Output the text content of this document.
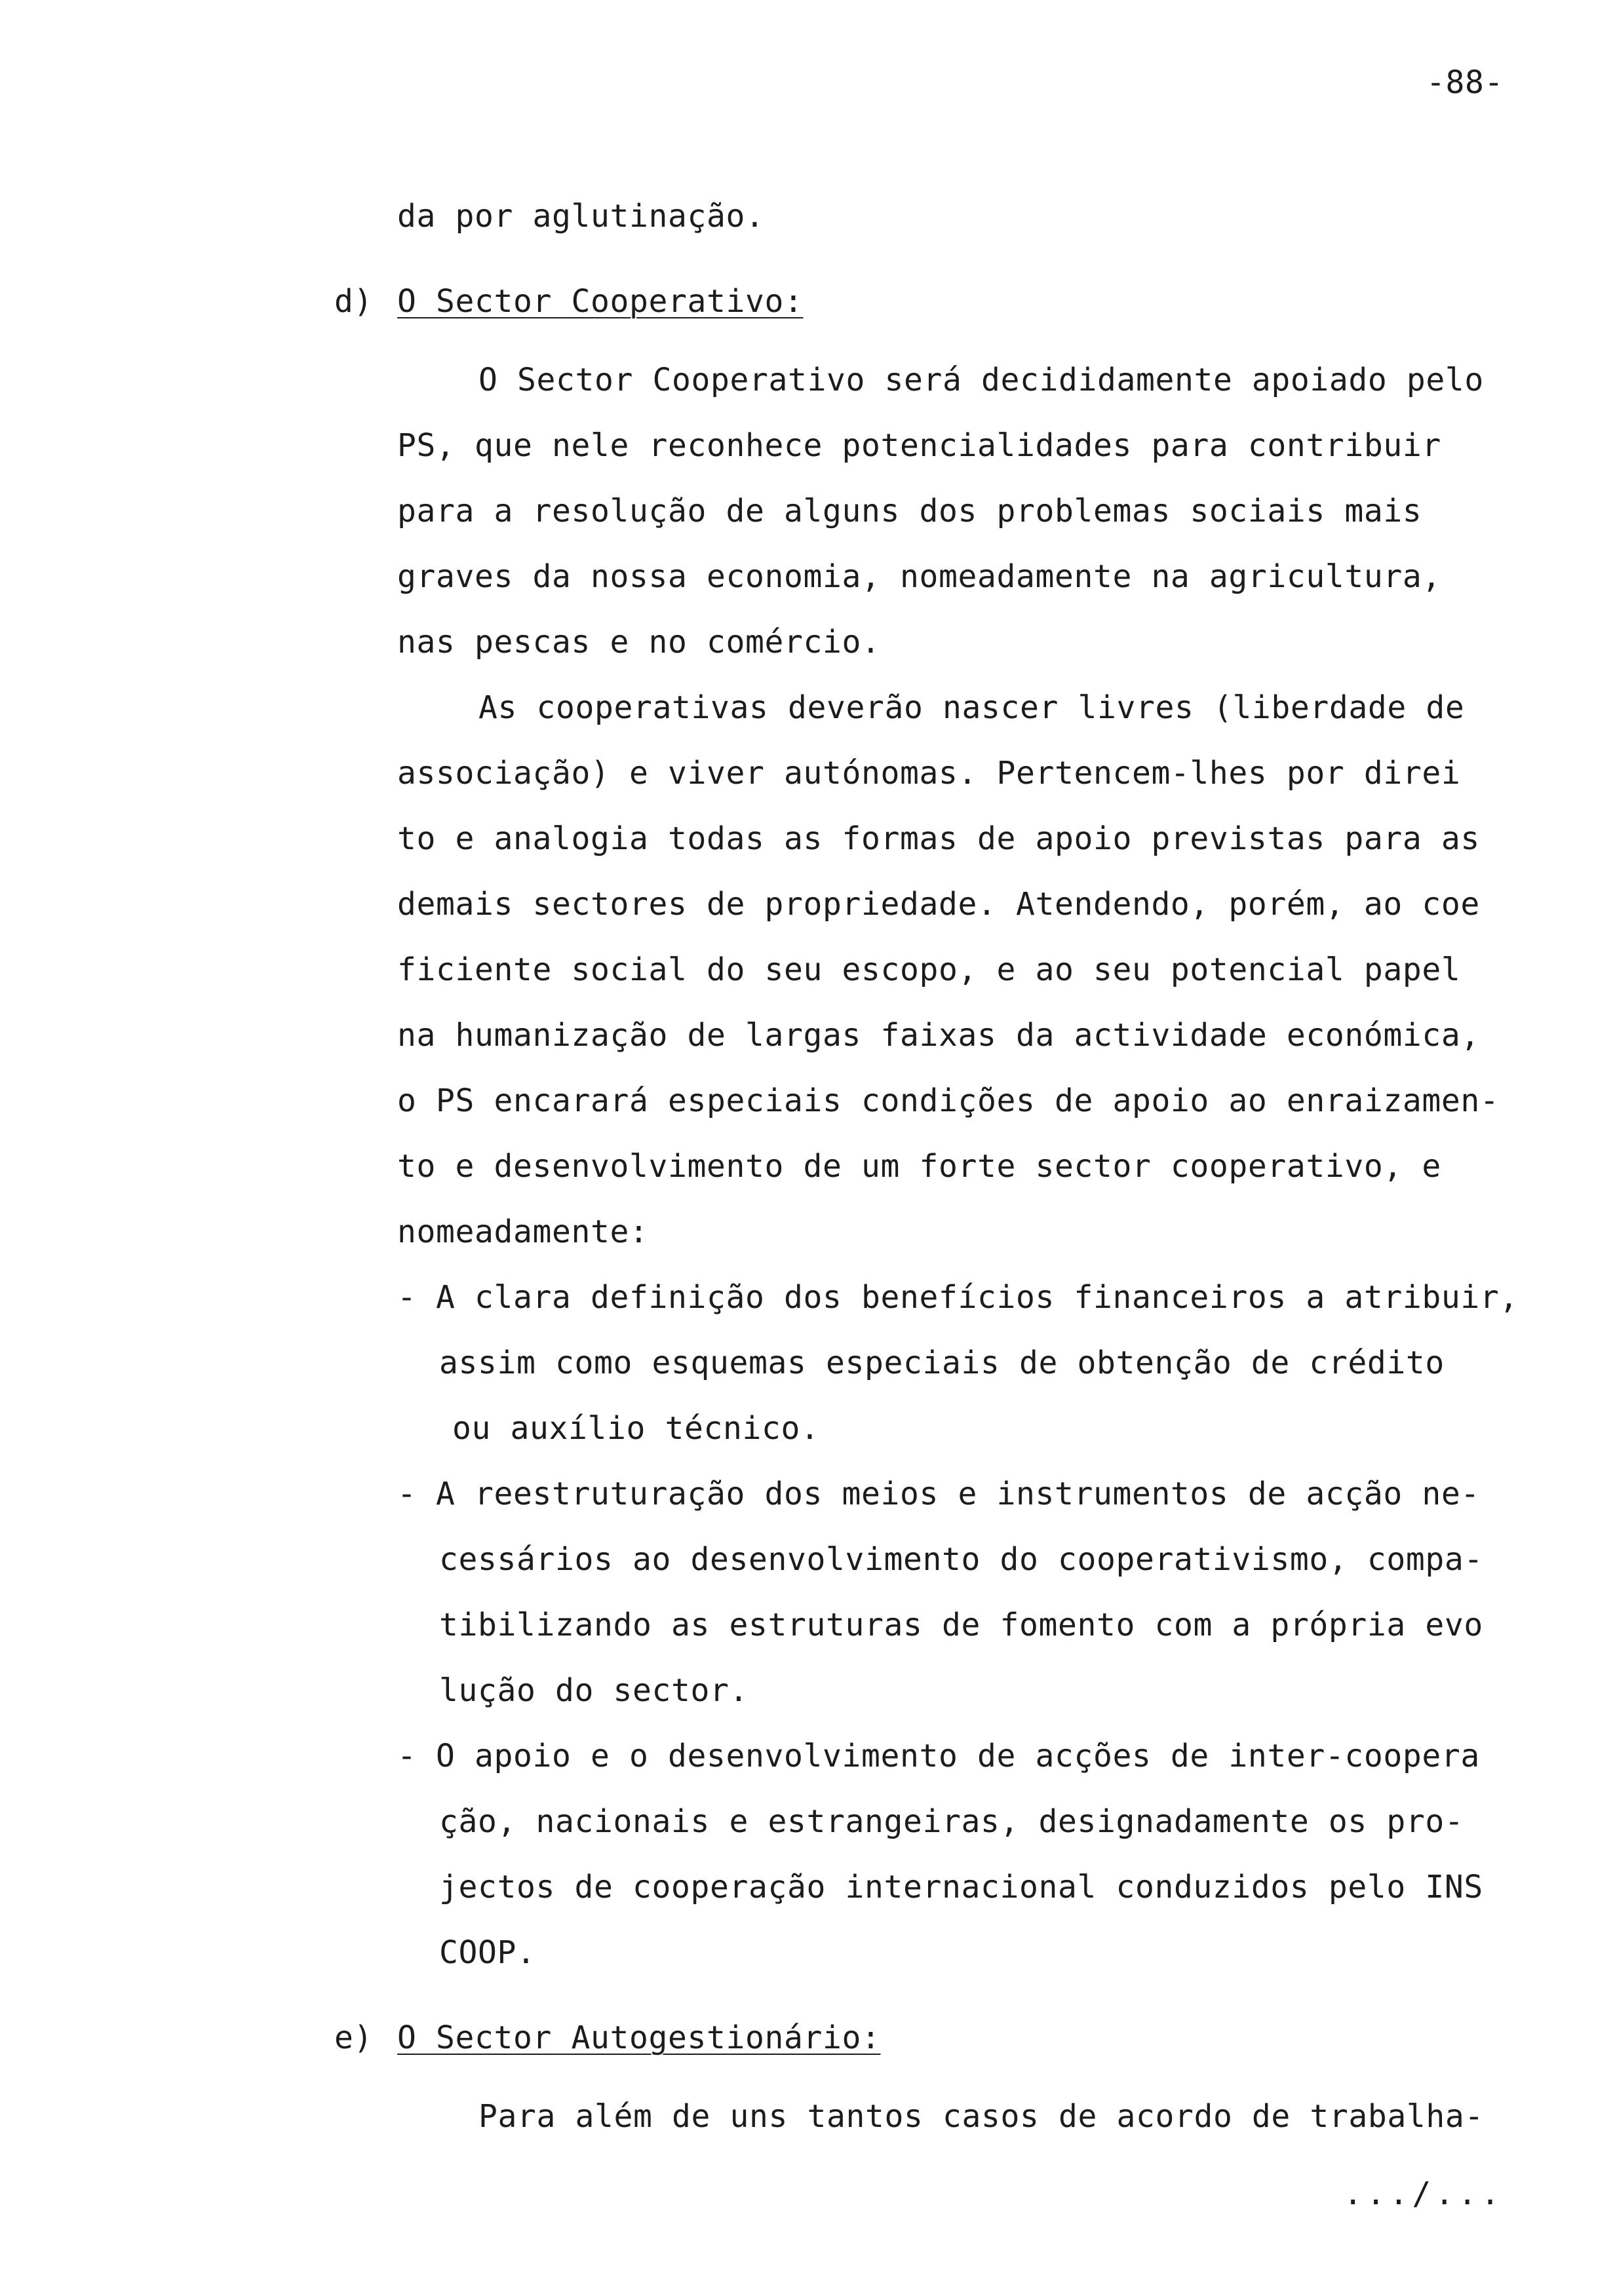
-88-
da por aglutinação.
d) O Sector Cooperativo:
O Sector Cooperativo será decididamente apoiado pelo
PS, que nele reconhece potencialidades para contribuir
para a resolução de alguns dos problemas sociais mais
graves da nossa economia, nomeadamente na agricultura,
nas pescas e no comércio.
As cooperativas deverão nascer livres (liberdade de
associação) e viver autónomas. Pertencem-lhes por direi
to e analogia todas as formas de apoio previstas para as
demais sectores de propriedade. Atendendo, porém, ao coe
ficiente social do seu escopo, e ao seu potencial papel
na humanização de largas faixas da actividade económica,
o PS encarará especiais condições de apoio ao enraizamen-
to e desenvolvimento de um forte sector cooperativo, e
nomeadamente:
- A clara definição dos benefícios financeiros a atribuir,
assim como esquemas especiais de obtenção de crédito
ou auxílio técnico.
- A reestruturação dos meios e instrumentos de acção ne-
cessários ao desenvolvimento do cooperativismo, compa-
tibilizando as estruturas de fomento com a própria evo
lução do sector.
- O apoio e o desenvolvimento de acções de inter-coopera
ção, nacionais e estrangeiras, designadamente os pro-
jectos de cooperação internacional conduzidos pelo INS
COOP.
e) O Sector Autogestionário:
Para além de uns tantos casos de acordo de trabalha-
.../...
